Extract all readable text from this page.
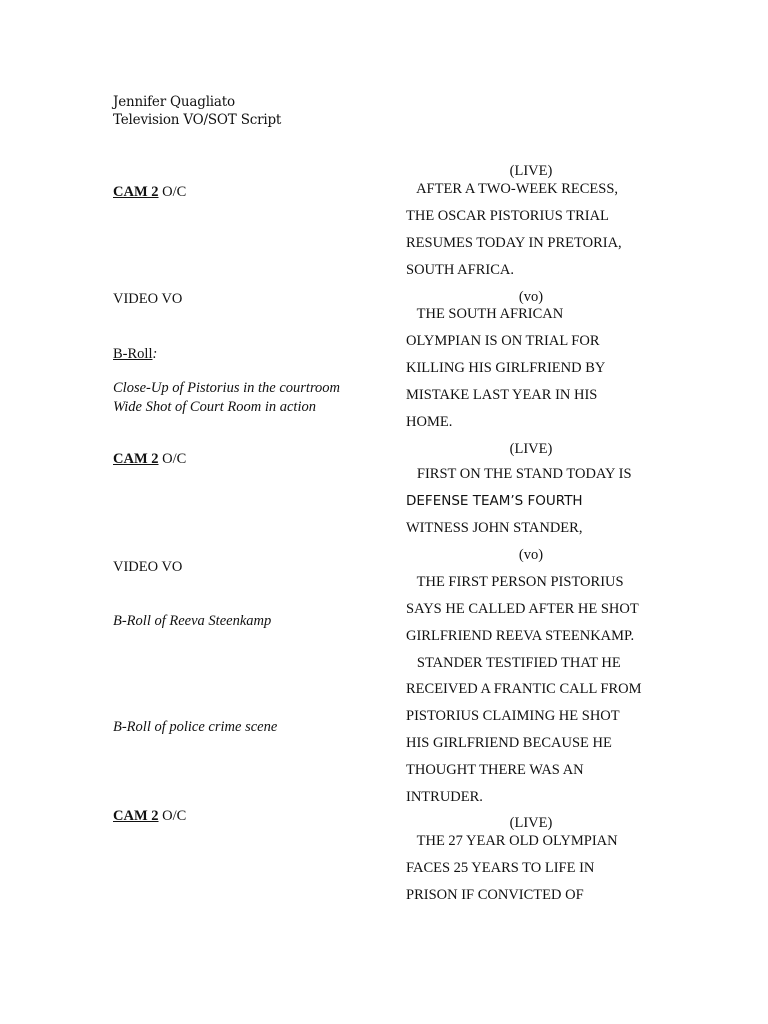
Jennifer Quagliato
Television VO/SOT Script
CAM 2 O/C
VIDEO VO
B-Roll:
Close-Up of Pistorius in the courtroom
Wide Shot of Court Room in action
CAM 2 O/C
VIDEO VO
B-Roll of Reeva Steenkamp
B-Roll of police crime scene
CAM 2 O/C
(LIVE)
AFTER A TWO-WEEK RECESS,
THE OSCAR PISTORIUS TRIAL
RESUMES TODAY IN PRETORIA,
SOUTH AFRICA.
(vo)
THE SOUTH AFRICAN
OLYMPIAN IS ON TRIAL FOR
KILLING HIS GIRLFRIEND BY
MISTAKE LAST YEAR IN HIS
HOME.
(LIVE)
FIRST ON THE STAND TODAY IS
DEFENSE TEAM’S FOURTH
WITNESS JOHN STANDER,
(vo)
THE FIRST PERSON PISTORIUS
SAYS HE CALLED AFTER HE SHOT
GIRLFRIEND REEVA STEENKAMP.
STANDER TESTIFIED THAT HE
RECEIVED A FRANTIC CALL FROM
PISTORIUS CLAIMING HE SHOT
HIS GIRLFRIEND BECAUSE HE
THOUGHT THERE WAS AN
INTRUDER.
(LIVE)
THE 27 YEAR OLD OLYMPIAN
FACES 25 YEARS TO LIFE IN
PRISON IF CONVICTED OF
